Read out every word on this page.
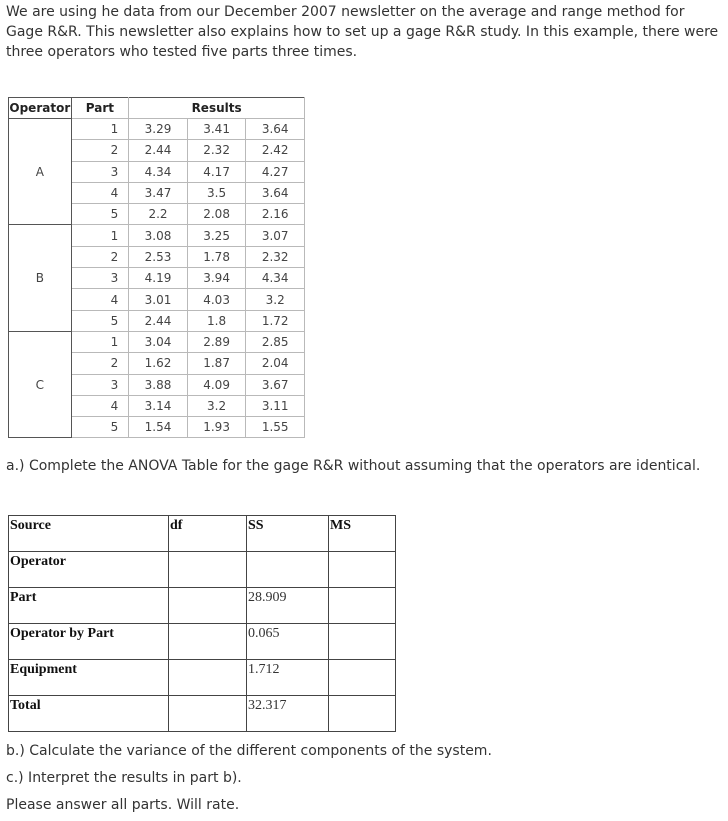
We are using he data from our December 2007 newsletter on the average and range method for Gage R&R. This newsletter also explains how to set up a gage R&R study. In this example, there were three operators who tested five parts three times.

Operator	Part	Results		
A	1	3.29	3.41	3.64
	2	2.44	2.32	2.42
	3	4.34	4.17	4.27
	4	3.47	3.5	3.64
	5	2.2	2.08	2.16
B	1	3.08	3.25	3.07
	2	2.53	1.78	2.32
	3	4.19	3.94	4.34
	4	3.01	4.03	3.2
	5	2.44	1.8	1.72
C	1	3.04	2.89	2.85
	2	1.62	1.87	2.04
	3	3.88	4.09	3.67
	4	3.14	3.2	3.11
	5	1.54	1.93	1.55

a.) Complete the ANOVA Table for the gage R&R without assuming that the operators are identical.

Source	df	SS	MS
Operator			
Part		28.909	
Operator by Part		0.065	
Equipment		1.712	
Total		32.317	

b.) Calculate the variance of the different components of the system.

c.) Interpret the results in part b).

Please answer all parts. Will rate.
